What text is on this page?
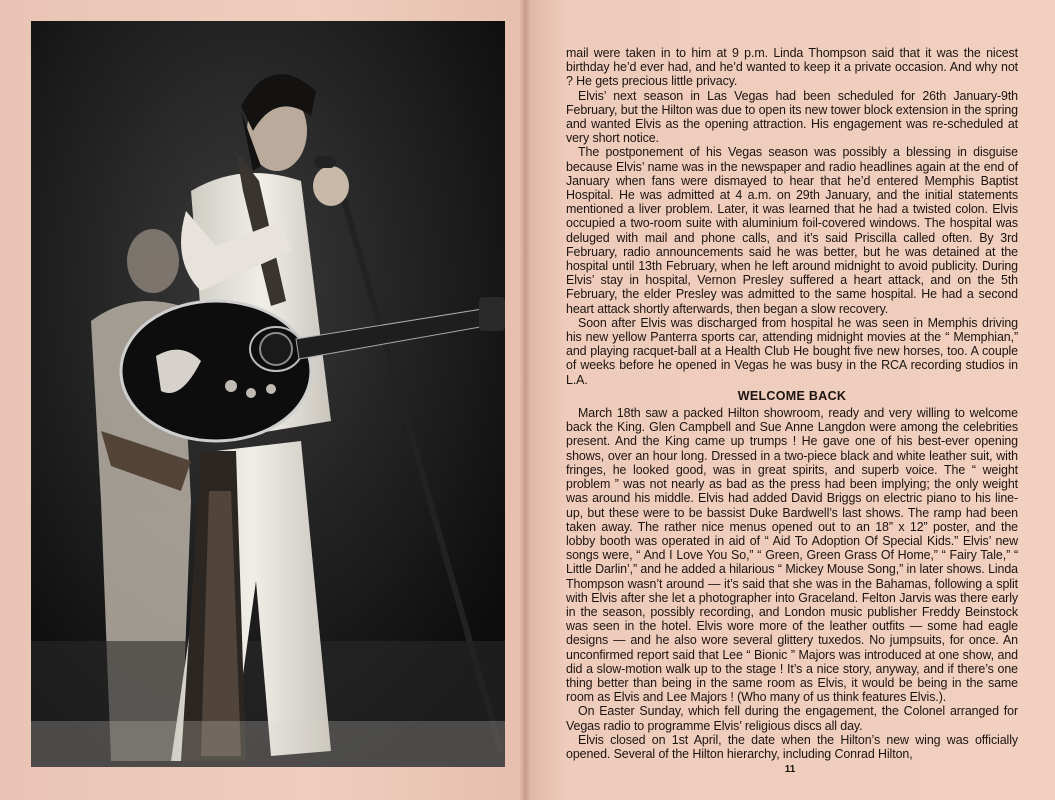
mail were taken in to him at 9 p.m. Linda Thompson said that it was the nicest birthday he’d ever had, and he’d wanted to keep it a private occasion. And why not ? He gets precious little privacy.

Elvis’ next season in Las Vegas had been scheduled for 26th January-9th February, but the Hilton was due to open its new tower block extension in the spring and wanted Elvis as the opening attraction. His engagement was re-scheduled at very short notice.

The postponement of his Vegas season was possibly a blessing in disguise because Elvis’ name was in the newspaper and radio headlines again at the end of January when fans were dismayed to hear that he’d entered Memphis Baptist Hospital. He was admitted at 4 a.m. on 29th January, and the initial statements mentioned a liver problem. Later, it was learned that he had a twisted colon. Elvis occupied a two-room suite with aluminium foil-covered windows. The hospital was deluged with mail and phone calls, and it’s said Priscilla called often. By 3rd February, radio announcements said he was better, but he was detained at the hospital until 13th February, when he left around midnight to avoid publicity. During Elvis’ stay in hospital, Vernon Presley suffered a heart attack, and on the 5th February, the elder Presley was admitted to the same hospital. He had a second heart attack shortly afterwards, then began a slow recovery.

Soon after Elvis was discharged from hospital he was seen in Memphis driving his new yellow Panterra sports car, attending midnight movies at the “ Memphian,” and playing racquet-ball at a Health Club He bought five new horses, too. A couple of weeks before he opened in Vegas he was busy in the RCA recording studios in L.A.

WELCOME BACK

March 18th saw a packed Hilton showroom, ready and very willing to welcome back the King. Glen Campbell and Sue Anne Langdon were among the celebrities present. And the King came up trumps ! He gave one of his best-ever opening shows, over an hour long. Dressed in a two-piece black and white leather suit, with fringes, he looked good, was in great spirits, and superb voice. The “ weight problem ” was not nearly as bad as the press had been implying; the only weight was around his middle. Elvis had added David Briggs on electric piano to his line-up, but these were to be bassist Duke Bardwell’s last shows. The ramp had been taken away. The rather nice menus opened out to an 18” x 12” poster, and the lobby booth was operated in aid of “ Aid To Adoption Of Special Kids.” Elvis’ new songs were, “ And I Love You So,” “ Green, Green Grass Of Home,” “ Fairy Tale,” “ Little Darlin’,” and he added a hilarious “ Mickey Mouse Song,” in later shows. Linda Thompson wasn’t around — it’s said that she was in the Bahamas, following a split with Elvis after she let a photographer into Graceland. Felton Jarvis was there early in the season, possibly recording, and London music publisher Freddy Beinstock was seen in the hotel. Elvis wore more of the leather outfits — some had eagle designs — and he also wore several glittery tuxedos. No jumpsuits, for once. An unconfirmed report said that Lee “ Bionic ” Majors was introduced at one show, and did a slow-motion walk up to the stage ! It’s a nice story, anyway, and if there’s one thing better than being in the same room as Elvis, it would be being in the same room as Elvis and Lee Majors ! (Who many of us think features Elvis.).

On Easter Sunday, which fell during the engagement, the Colonel arranged for Vegas radio to programme Elvis’ religious discs all day.

Elvis closed on 1st April, the date when the Hilton’s new wing was officially opened. Several of the Hilton hierarchy, including Conrad Hilton,

11
